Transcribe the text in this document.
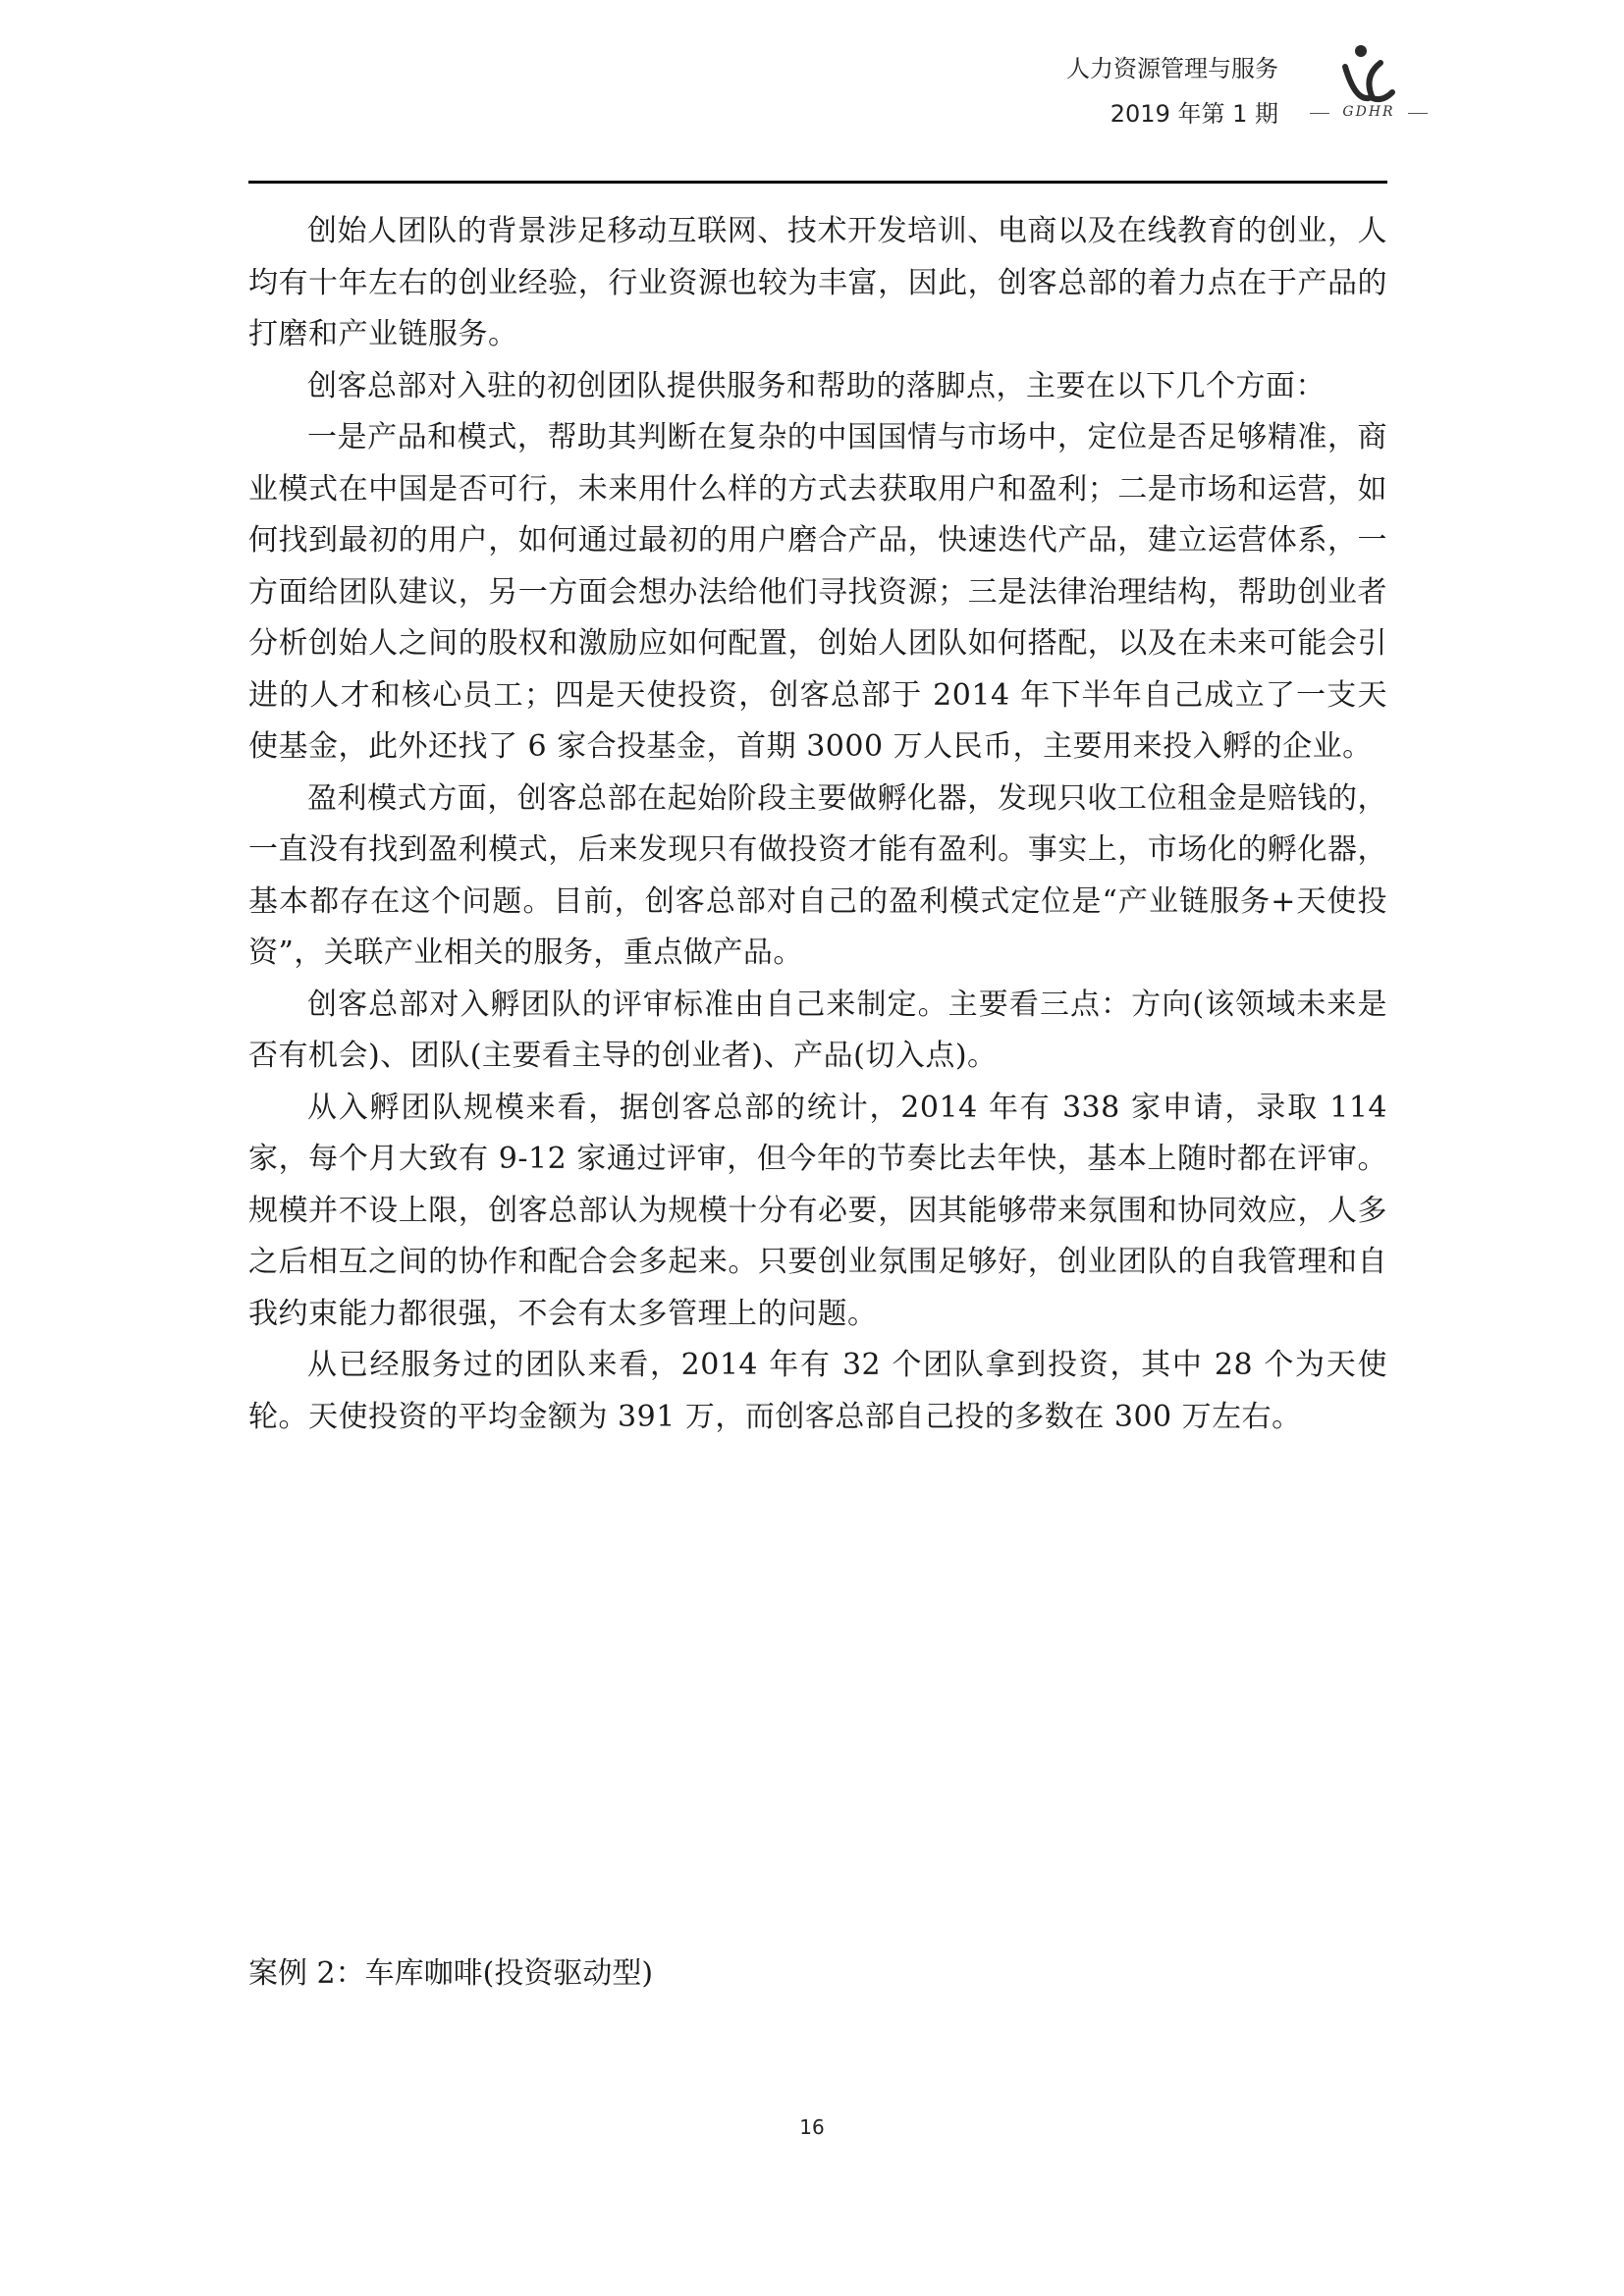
人力资源管理与服务
2019 年第 1 期	GDHR

创始人团队的背景涉足移动互联网、技术开发培训、电商以及在线教育的创业，人均有十年左右的创业经验，行业资源也较为丰富，因此，创客总部的着力点在于产品的打磨和产业链服务。

创客总部对入驻的初创团队提供服务和帮助的落脚点，主要在以下几个方面：

一是产品和模式，帮助其判断在复杂的中国国情与市场中，定位是否足够精准，商业模式在中国是否可行，未来用什么样的方式去获取用户和盈利；二是市场和运营，如何找到最初的用户，如何通过最初的用户磨合产品，快速迭代产品，建立运营体系，一方面给团队建议，另一方面会想办法给他们寻找资源；三是法律治理结构，帮助创业者分析创始人之间的股权和激励应如何配置，创始人团队如何搭配，以及在未来可能会引进的人才和核心员工；四是天使投资，创客总部于 2014 年下半年自己成立了一支天使基金，此外还找了 6 家合投基金，首期 3000 万人民币，主要用来投入孵的企业。

盈利模式方面，创客总部在起始阶段主要做孵化器，发现只收工位租金是赔钱的，一直没有找到盈利模式，后来发现只有做投资才能有盈利。事实上，市场化的孵化器，基本都存在这个问题。目前，创客总部对自己的盈利模式定位是“产业链服务+天使投资”，关联产业相关的服务，重点做产品。

创客总部对入孵团队的评审标准由自己来制定。主要看三点：方向(该领域未来是否有机会)、团队(主要看主导的创业者)、产品(切入点)。

从入孵团队规模来看，据创客总部的统计，2014 年有 338 家申请，录取 114 家，每个月大致有 9-12 家通过评审，但今年的节奏比去年快，基本上随时都在评审。规模并不设上限，创客总部认为规模十分有必要，因其能够带来氛围和协同效应，人多之后相互之间的协作和配合会多起来。只要创业氛围足够好，创业团队的自我管理和自我约束能力都很强，不会有太多管理上的问题。

从已经服务过的团队来看，2014 年有 32 个团队拿到投资，其中 28 个为天使轮。天使投资的平均金额为 391 万，而创客总部自己投的多数在 300 万左右。

案例 2：车库咖啡(投资驱动型)
16
